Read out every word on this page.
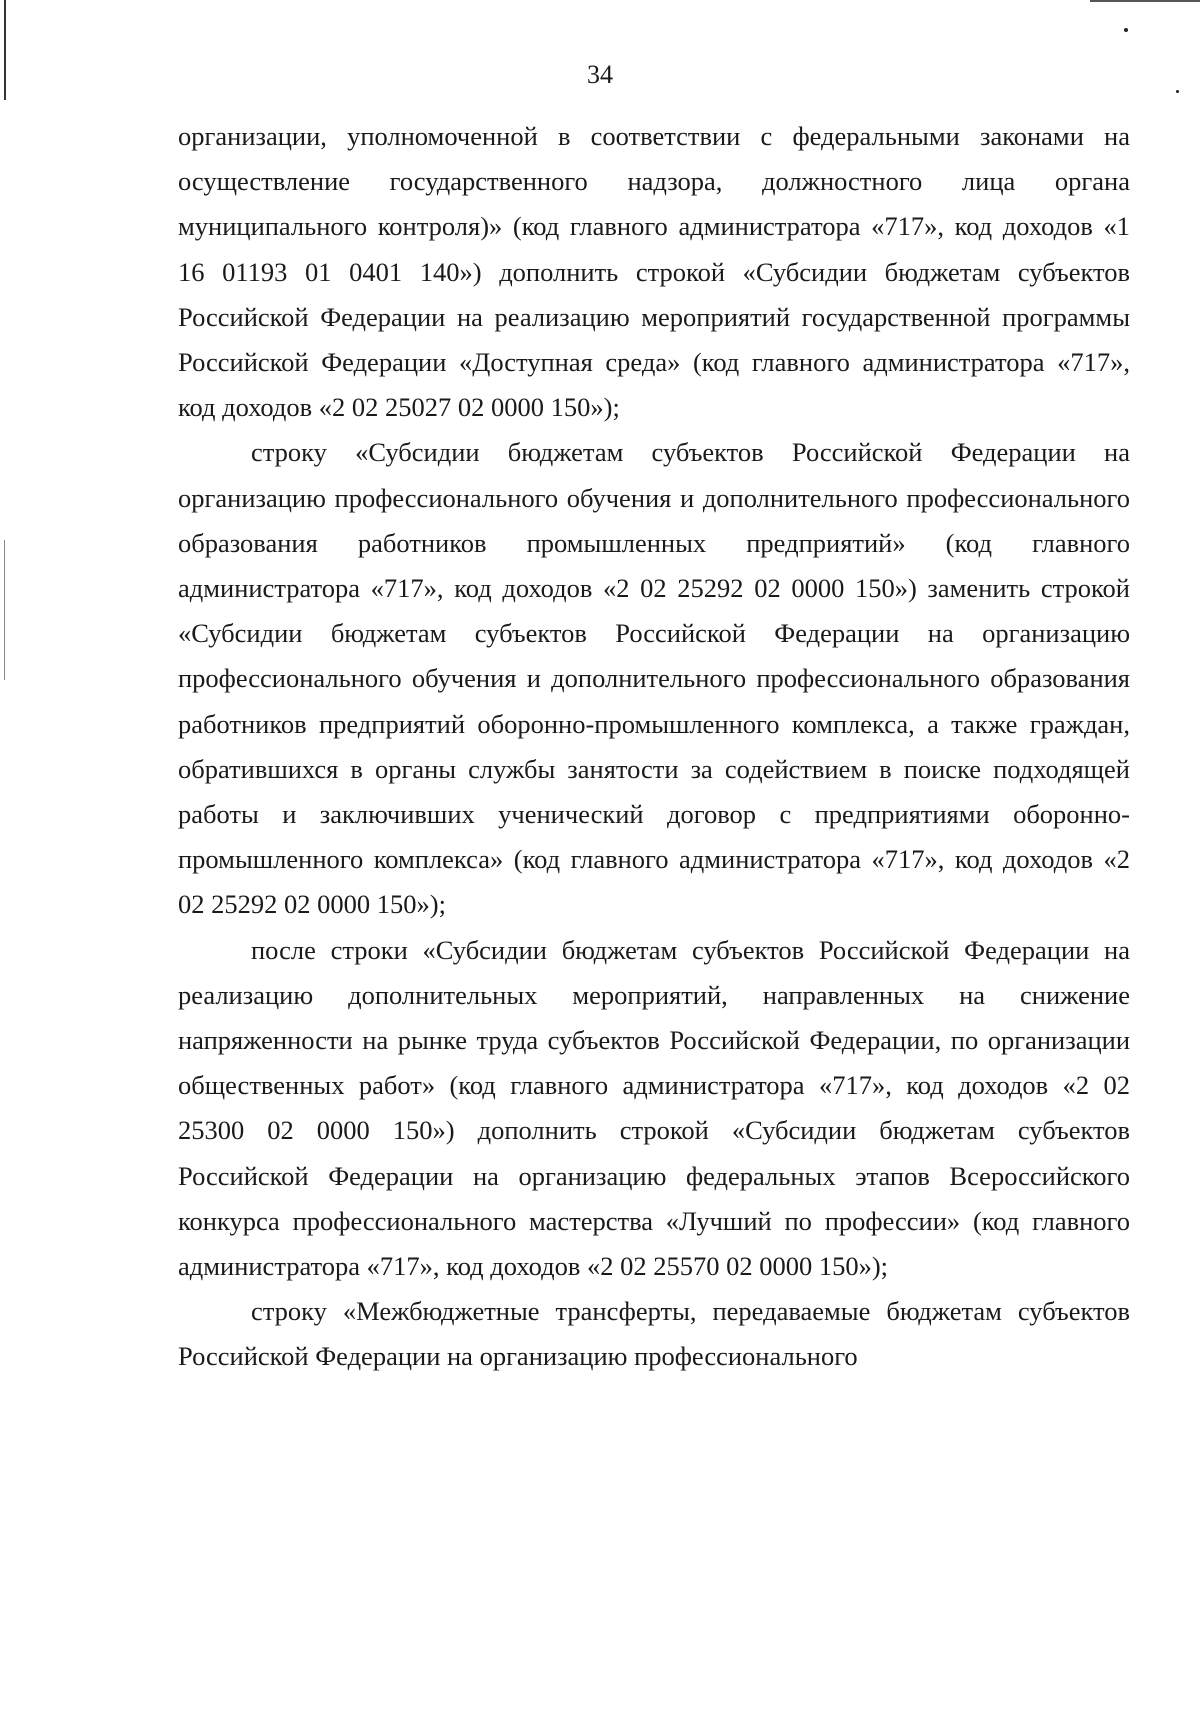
34

организации, уполномоченной в соответствии с федеральными законами на осуществление государственного надзора, должностного лица органа муниципального контроля)» (код главного администратора «717», код доходов «1 16 01193 01 0401 140») дополнить строкой «Субсидии бюджетам субъектов Российской Федерации на реализацию мероприятий государственной программы Российской Федерации «Доступная среда» (код главного администратора «717», код доходов «2 02 25027 02 0000 150»);

строку «Субсидии бюджетам субъектов Российской Федерации на организацию профессионального обучения и дополнительного профессионального образования работников промышленных предприятий» (код главного администратора «717», код доходов «2 02 25292 02 0000 150») заменить строкой «Субсидии бюджетам субъектов Российской Федерации на организацию профессионального обучения и дополнительного профессионального образования работников предприятий оборонно-промышленного комплекса, а также граждан, обратившихся в органы службы занятости за содействием в поиске подходящей работы и заключивших ученический договор с предприятиями оборонно-промышленного комплекса» (код главного администратора «717», код доходов «2 02 25292 02 0000 150»);

после строки «Субсидии бюджетам субъектов Российской Федерации на реализацию дополнительных мероприятий, направленных на снижение напряженности на рынке труда субъектов Российской Федерации, по организации общественных работ» (код главного администратора «717», код доходов «2 02 25300 02 0000 150») дополнить строкой «Субсидии бюджетам субъектов Российской Федерации на организацию федеральных этапов Всероссийского конкурса профессионального мастерства «Лучший по профессии» (код главного администратора «717», код доходов «2 02 25570 02 0000 150»);

строку «Межбюджетные трансферты, передаваемые бюджетам субъектов Российской Федерации на организацию профессионального
